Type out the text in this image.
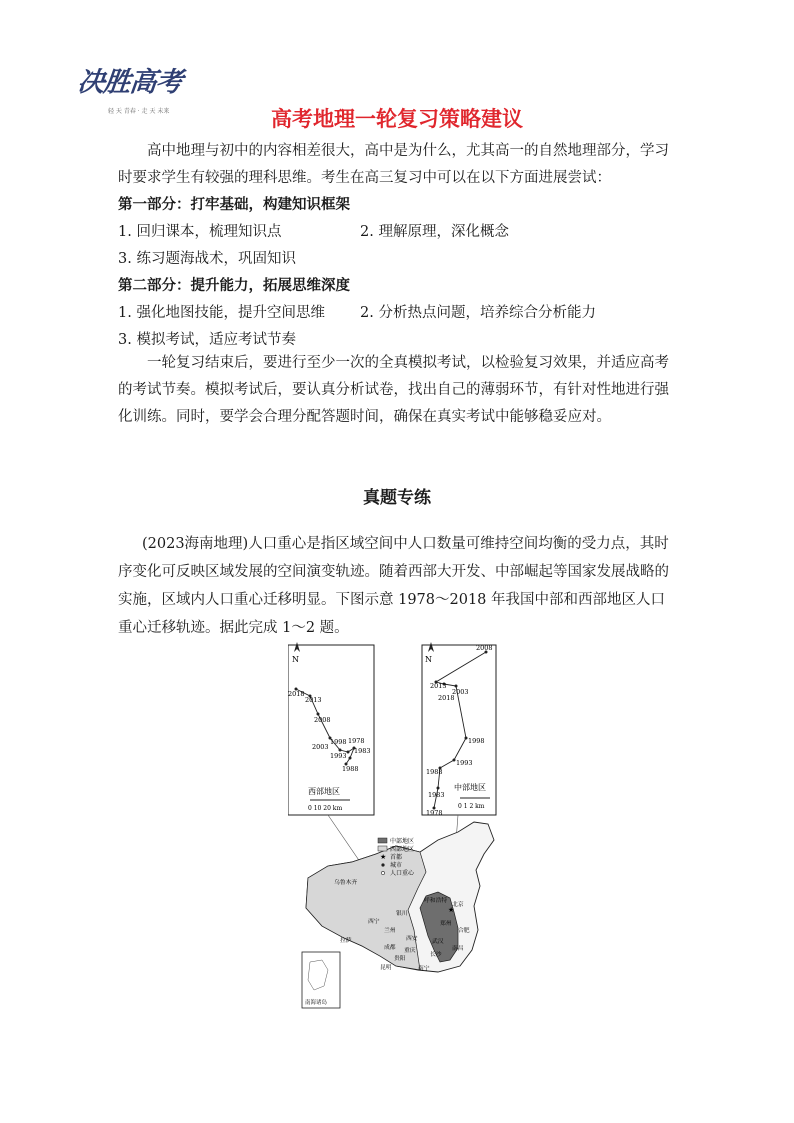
决胜高考
轻 天 青春 · 走 天 未来	高考地理一轮复习策略建议

高中地理与初中的内容相差很大，高中是为什么，尤其高一的自然地理部分，学习时要求学生有较强的理科思维。考生在高三复习中可以在以下方面进展尝试：

第一部分：打牢基础，构建知识框架
1. 回归课本，梳理知识点	2. 理解原理，深化概念
3. 练习题海战术，巩固知识
第二部分：提升能力，拓展思维深度
1. 强化地图技能，提升空间思维 2. 分析热点问题，培养综合分析能力
3. 模拟考试，适应考试节奏

一轮复习结束后，要进行至少一次的全真模拟考试，以检验复习效果，并适应高考的考试节奏。模拟考试后，要认真分析试卷，找出自己的薄弱环节，有针对性地进行强化训练。同时，要学会合理分配答题时间，确保在真实考试中能够稳妥应对。

真题专练

(2023海南地理)人口重心是指区域空间中人口数量可维持空间均衡的受力点，其时序变化可反映区域发展的空间演变轨迹。随着西部大开发、中部崛起等国家发展战略的实施，区域内人口重心迁移明显。下图示意 1978～2018 年我国中部和西部地区人口重心迁移轨迹。据此完成 1～2 题。

N
2018
2013
2008
2003
1998
1993
1978
1983
1988
西部地区
0 10 20 km
N
2008
2013
2003
2018
1998
1993
1988
1983
1978
中部地区
0 1 2 km
中部地区
西部地区
★ 首都
城市
人口重心
乌鲁木齐
呼和浩特
北京
银川
西宁
兰州
西安
郑州
合肥
拉萨
成都
武汉
南昌
长沙
重庆
贵阳
昆明	南宁
★
南海诸岛
